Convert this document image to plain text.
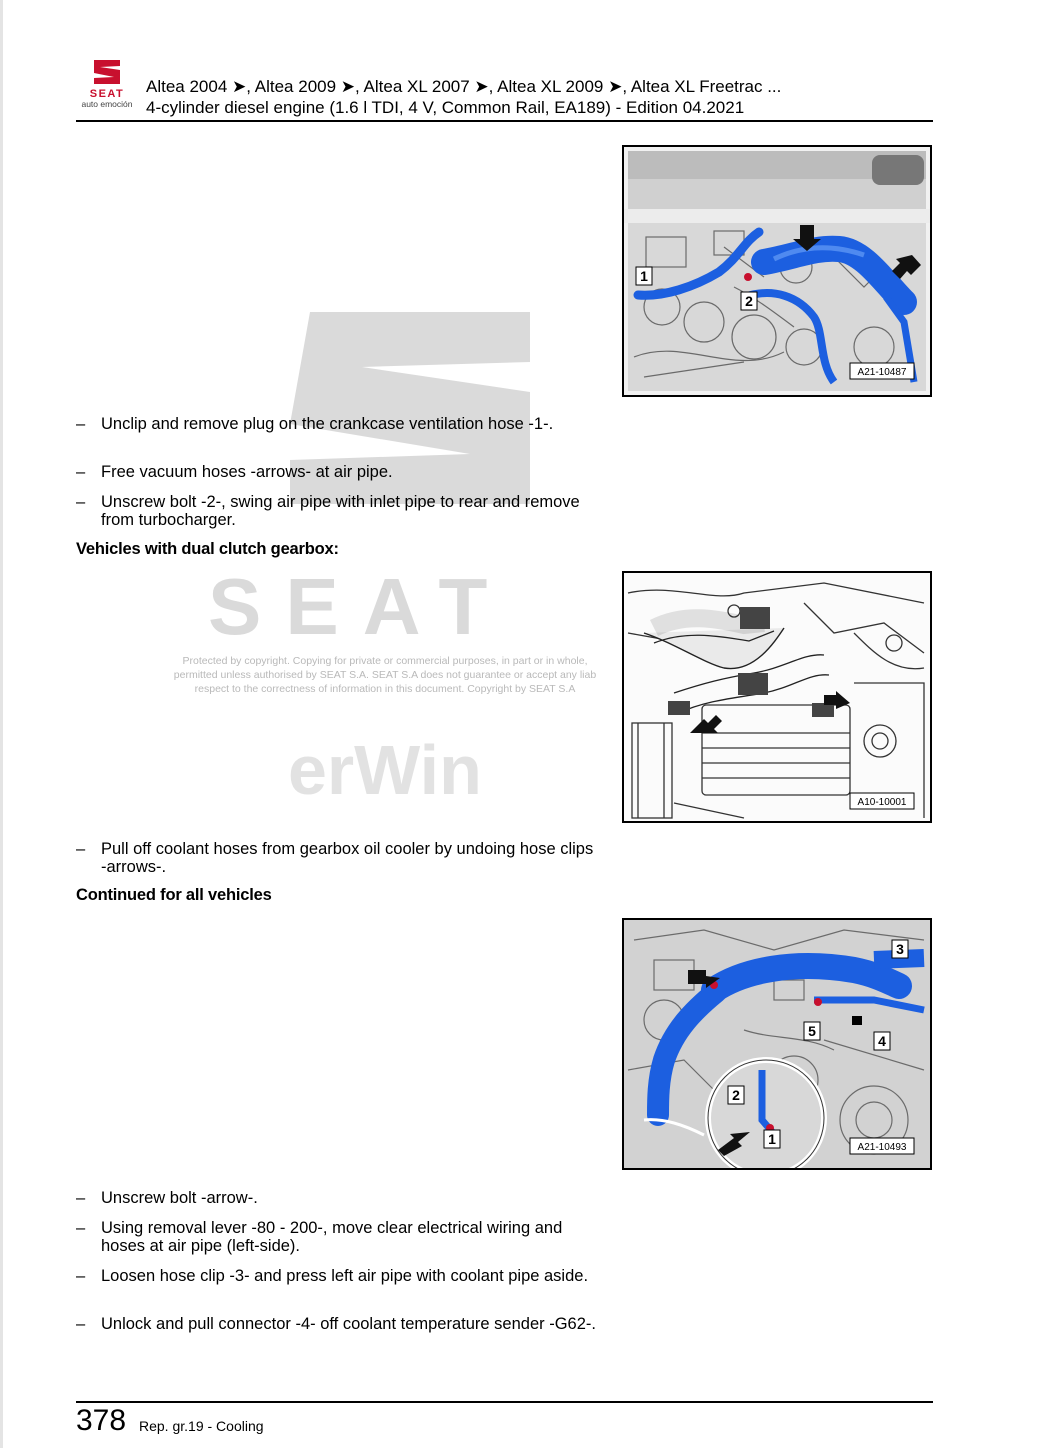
SEAT
auto emoción
Altea 2004 ➤, Altea 2009 ➤, Altea XL 2007 ➤, Altea XL 2009 ➤, Altea XL Freetrac ...
4-cylinder diesel engine (1.6 l TDI, 4 V, Common Rail, EA189) - Edition 04.2021
SEAT
Protected by copyright. Copying for private or commercial purposes, in part or in whole,
permitted unless authorised by SEAT S.A. SEAT S.A does not guarantee or accept any liab
respect to the correctness of information in this document. Copyright by SEAT S.A
erWin
1
2
A21-10487
– Unclip and remove plug on the crankcase ventilation hose -1-.
– Free vacuum hoses -arrows- at air pipe.
– Unscrew bolt -2-, swing air pipe with inlet pipe to rear and remove from turbocharger.
Vehicles with dual clutch gearbox:
A10-10001
– Pull off coolant hoses from gearbox oil cooler by undoing hose clips -arrows-.
Continued for all vehicles
3
5
4
2
1
A21-10493
– Unscrew bolt -arrow-.
– Using removal lever -80 - 200-, move clear electrical wiring and hoses at air pipe (left-side).
– Loosen hose clip -3- and press left air pipe with coolant pipe aside.
– Unlock and pull connector -4- off coolant temperature sender -G62-.
378 Rep. gr.19 - Cooling
